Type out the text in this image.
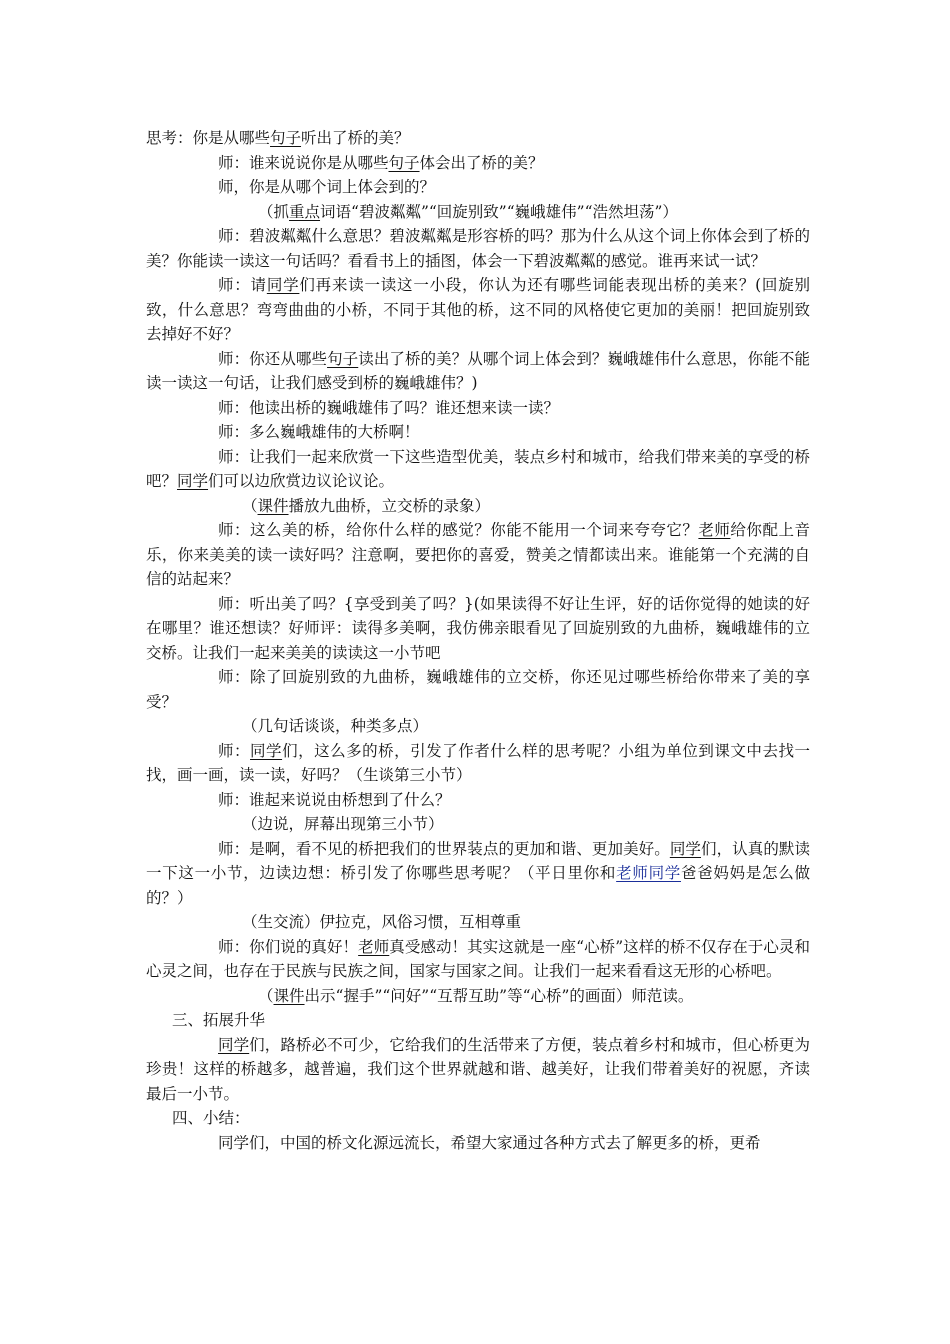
思考：你是从哪些句子听出了桥的美？

师：谁来说说你是从哪些句子体会出了桥的美？

师，你是从哪个词上体会到的？

（抓重点词语“碧波粼粼”“回旋别致”“巍峨雄伟”“浩然坦荡”）

师：碧波粼粼什么意思？碧波粼粼是形容桥的吗？那为什么从这个词上你体会到了桥的美？你能读一读这一句话吗？看看书上的插图，体会一下碧波粼粼的感觉。谁再来试一试？

师：请同学们再来读一读这一小段，你认为还有哪些词能表现出桥的美来？(回旋别致，什么意思？弯弯曲曲的小桥，不同于其他的桥，这不同的风格使它更加的美丽！把回旋别致去掉好不好？

师：你还从哪些句子读出了桥的美？从哪个词上体会到？巍峨雄伟什么意思，你能不能读一读这一句话，让我们感受到桥的巍峨雄伟？)

师：他读出桥的巍峨雄伟了吗？谁还想来读一读？

师：多么巍峨雄伟的大桥啊！

师：让我们一起来欣赏一下这些造型优美，装点乡村和城市，给我们带来美的享受的桥吧？同学们可以边欣赏边议论议论。

（课件播放九曲桥，立交桥的录象）

师：这么美的桥，给你什么样的感觉？你能不能用一个词来夸夸它？老师给你配上音乐，你来美美的读一读好吗？注意啊，要把你的喜爱，赞美之情都读出来。谁能第一个充满的自信的站起来？

师：听出美了吗？{享受到美了吗？}(如果读得不好让生评，好的话你觉得的她读的好在哪里？谁还想读？好师评：读得多美啊，我仿佛亲眼看见了回旋别致的九曲桥，巍峨雄伟的立交桥。让我们一起来美美的读读这一小节吧

师：除了回旋别致的九曲桥，巍峨雄伟的立交桥，你还见过哪些桥给你带来了美的享受？

（几句话谈谈，种类多点）

师：同学们，这么多的桥，引发了作者什么样的思考呢？小组为单位到课文中去找一找，画一画，读一读，好吗？（生谈第三小节）

师：谁起来说说由桥想到了什么？

（边说，屏幕出现第三小节）

师：是啊，看不见的桥把我们的世界装点的更加和谐、更加美好。同学们，认真的默读一下这一小节，边读边想：桥引发了你哪些思考呢？（平日里你和老师同学爸爸妈妈是怎么做的？）

（生交流）伊拉克，风俗习惯，互相尊重

师：你们说的真好！老师真受感动！其实这就是一座“心桥”这样的桥不仅存在于心灵和心灵之间，也存在于民族与民族之间，国家与国家之间。让我们一起来看看这无形的心桥吧。

（课件出示“握手”“问好”“互帮互助”等“心桥”的画面）师范读。

三、拓展升华

同学们，路桥必不可少，它给我们的生活带来了方便，装点着乡村和城市，但心桥更为珍贵！这样的桥越多，越普遍，我们这个世界就越和谐、越美好，让我们带着美好的祝愿，齐读最后一小节。

四、小结：

同学们，中国的桥文化源远流长，希望大家通过各种方式去了解更多的桥，更希
